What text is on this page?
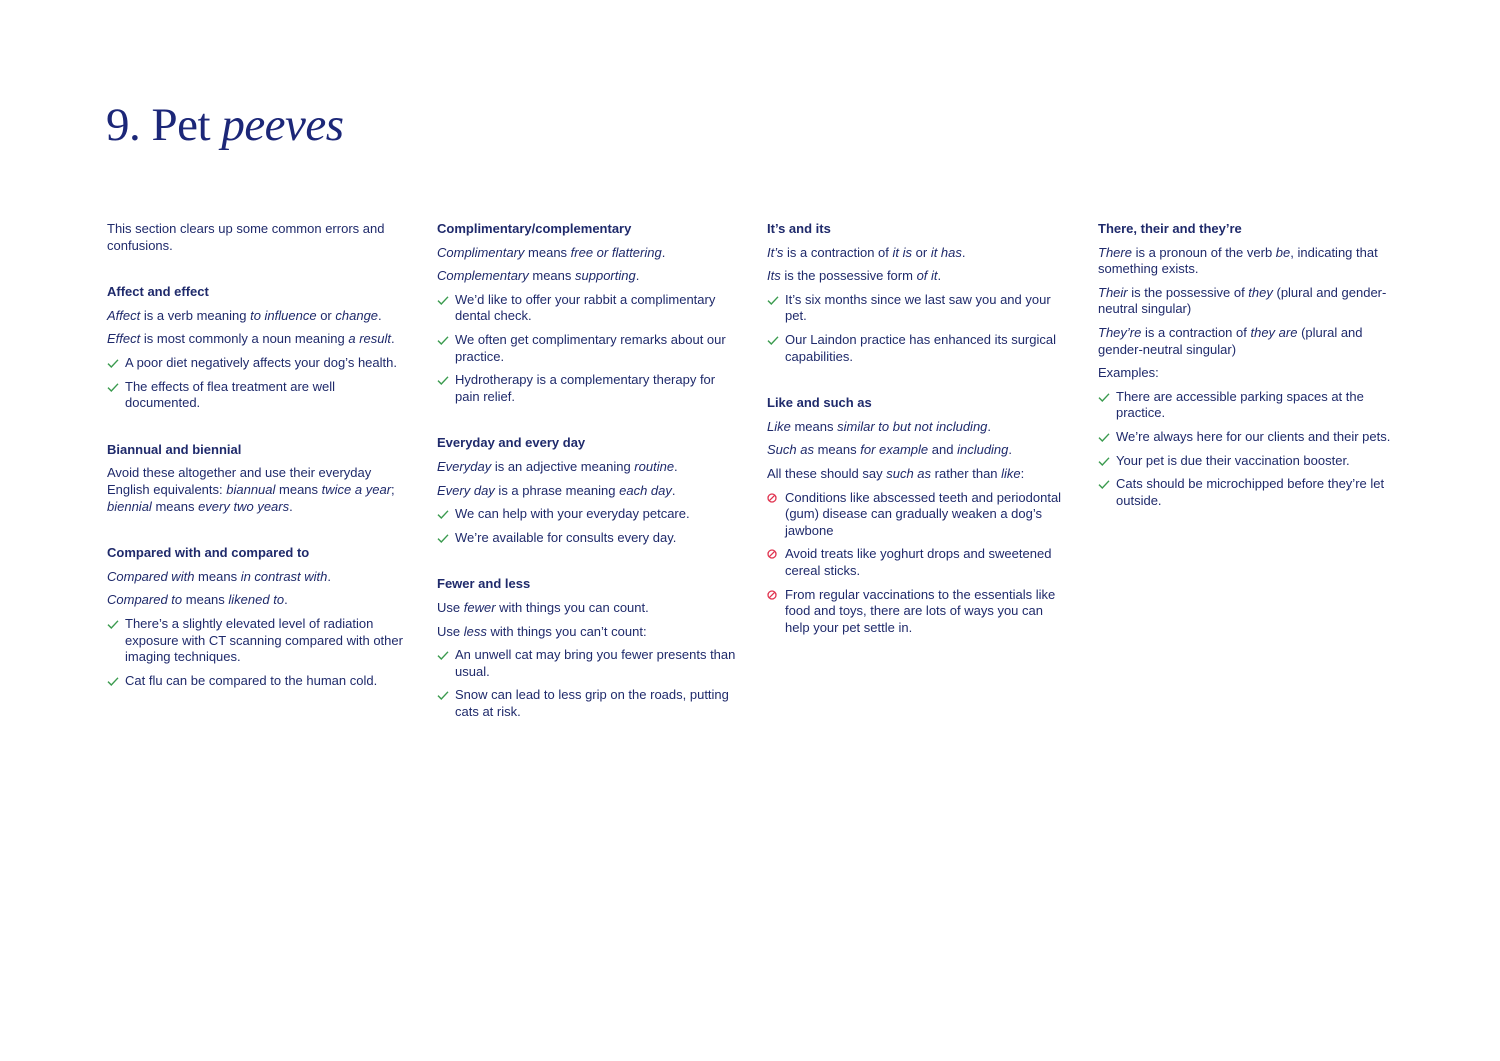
9. Pet peeves

This section clears up some common errors and confusions.

Affect and effect

Affect is a verb meaning to influence or change.

Effect is most commonly a noun meaning a result.

A poor diet negatively affects your dog’s health.

The effects of flea treatment are well documented.

Biannual and biennial

Avoid these altogether and use their everyday English equivalents: biannual means twice a year; biennial means every two years.

Compared with and compared to

Compared with means in contrast with.

Compared to means likened to.

There’s a slightly elevated level of radiation exposure with CT scanning compared with other imaging techniques.

Cat flu can be compared to the human cold.

Complimentary/complementary

Complimentary means free or flattering.

Complementary means supporting.

We’d like to offer your rabbit a complimentary dental check.

We often get complimentary remarks about our practice.

Hydrotherapy is a complementary therapy for pain relief.

Everyday and every day

Everyday is an adjective meaning routine.

Every day is a phrase meaning each day.

We can help with your everyday petcare.

We’re available for consults every day.

Fewer and less

Use fewer with things you can count.

Use less with things you can’t count:

An unwell cat may bring you fewer presents than usual.

Snow can lead to less grip on the roads, putting cats at risk.

It’s and its

It’s is a contraction of it is or it has.

Its is the possessive form of it.

It’s six months since we last saw you and your pet.

Our Laindon practice has enhanced its surgical capabilities.

Like and such as

Like means similar to but not including.

Such as means for example and including.

All these should say such as rather than like:

Conditions like abscessed teeth and periodontal (gum) disease can gradually weaken a dog’s jawbone

Avoid treats like yoghurt drops and sweetened cereal sticks.

From regular vaccinations to the essentials like food and toys, there are lots of ways you can help your pet settle in.

There, their and they’re

There is a pronoun of the verb be, indicating that something exists.

Their is the possessive of they (plural and gender-neutral singular)

They’re is a contraction of they are (plural and gender-neutral singular)

Examples:

There are accessible parking spaces at the practice.

We’re always here for our clients and their pets.

Your pet is due their vaccination booster.

Cats should be microchipped before they’re let outside.
